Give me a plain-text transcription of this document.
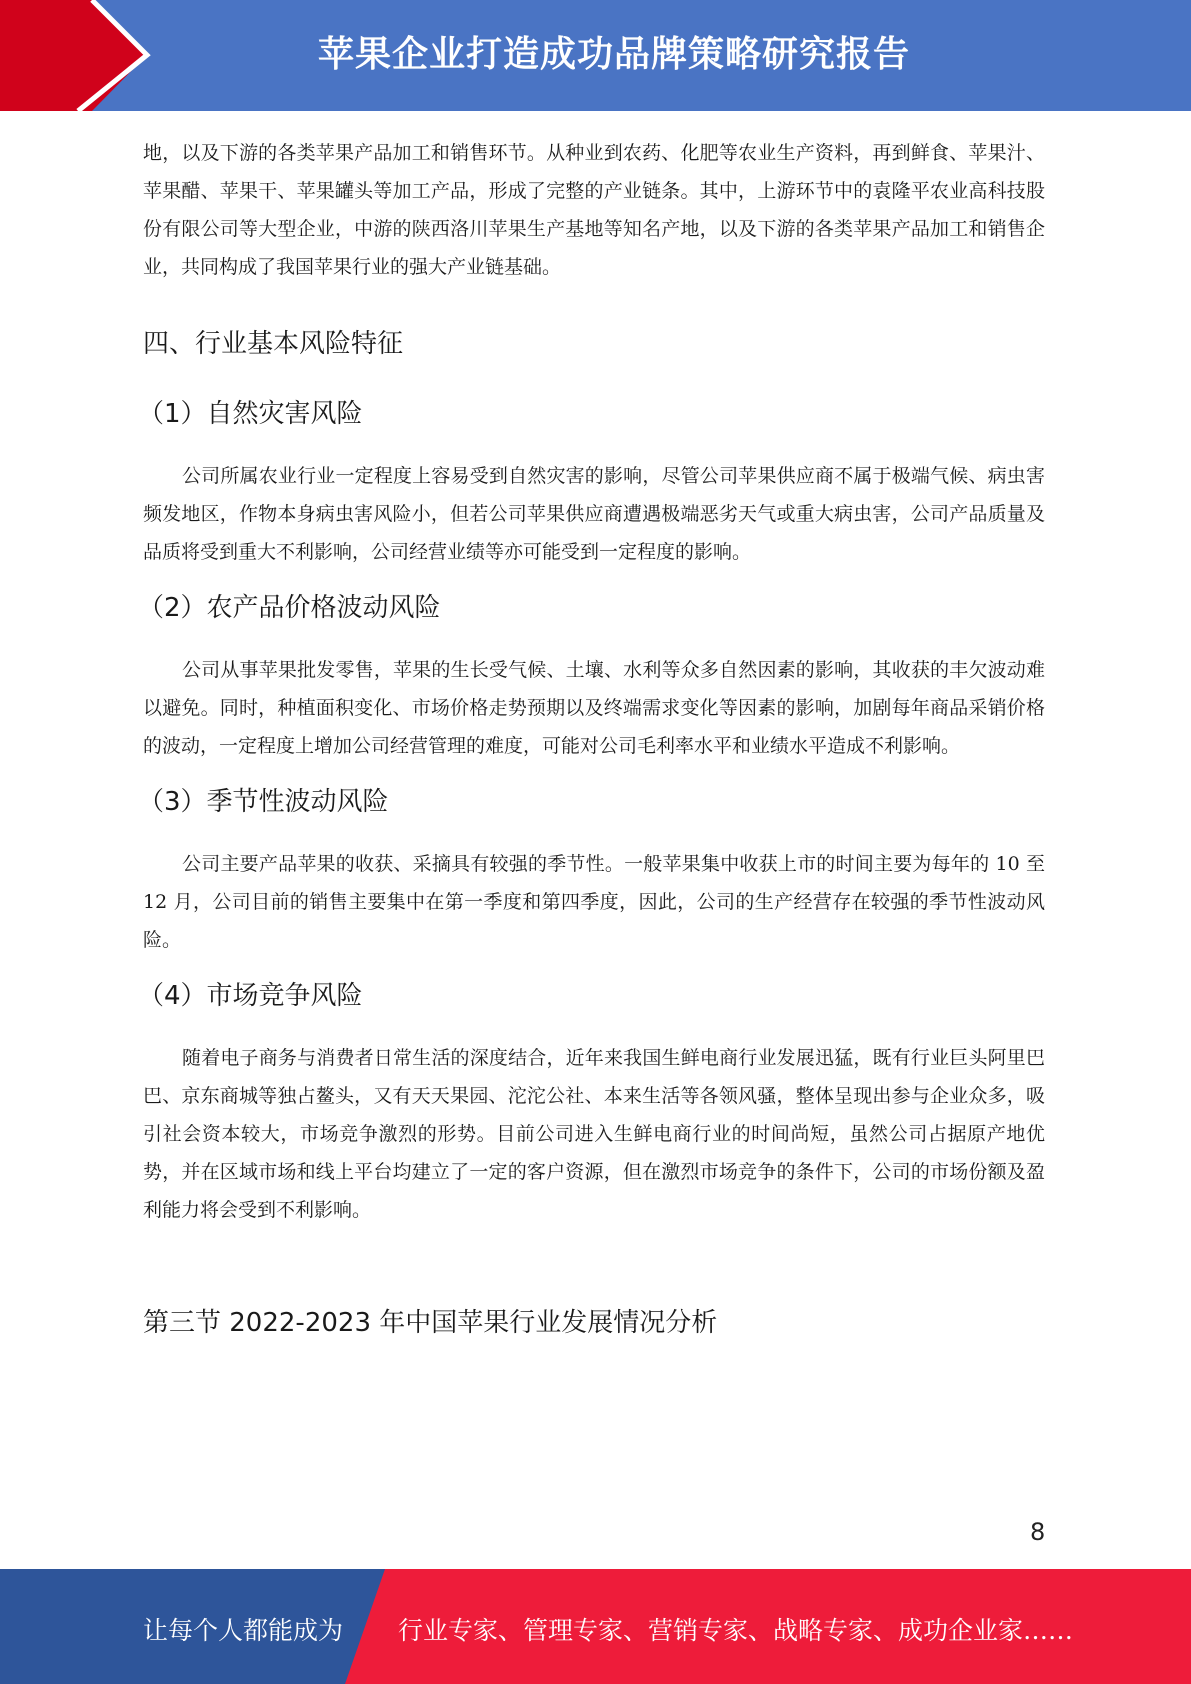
苹果企业打造成功品牌策略研究报告

地，以及下游的各类苹果产品加工和销售环节。从种业到农药、化肥等农业生产资料，再到鲜食、苹果汁、苹果醋、苹果干、苹果罐头等加工产品，形成了完整的产业链条。其中，上游环节中的袁隆平农业高科技股份有限公司等大型企业，中游的陕西洛川苹果生产基地等知名产地，以及下游的各类苹果产品加工和销售企业，共同构成了我国苹果行业的强大产业链基础。

四、行业基本风险特征
（1）自然灾害风险

公司所属农业行业一定程度上容易受到自然灾害的影响，尽管公司苹果供应商不属于极端气候、病虫害频发地区，作物本身病虫害风险小，但若公司苹果供应商遭遇极端恶劣天气或重大病虫害，公司产品质量及品质将受到重大不利影响，公司经营业绩等亦可能受到一定程度的影响。

（2）农产品价格波动风险

公司从事苹果批发零售，苹果的生长受气候、土壤、水利等众多自然因素的影响，其收获的丰欠波动难以避免。同时，种植面积变化、市场价格走势预期以及终端需求变化等因素的影响，加剧每年商品采销价格的波动，一定程度上增加公司经营管理的难度，可能对公司毛利率水平和业绩水平造成不利影响。

（3）季节性波动风险

公司主要产品苹果的收获、采摘具有较强的季节性。一般苹果集中收获上市的时间主要为每年的 10 至 12 月，公司目前的销售主要集中在第一季度和第四季度，因此，公司的生产经营存在较强的季节性波动风险。

（4）市场竞争风险

随着电子商务与消费者日常生活的深度结合，近年来我国生鲜电商行业发展迅猛，既有行业巨头阿里巴巴、京东商城等独占鳌头，又有天天果园、沱沱公社、本来生活等各领风骚，整体呈现出参与企业众多，吸引社会资本较大，市场竞争激烈的形势。目前公司进入生鲜电商行业的时间尚短，虽然公司占据原产地优势，并在区域市场和线上平台均建立了一定的客户资源，但在激烈市场竞争的条件下，公司的市场份额及盈利能力将会受到不利影响。

第三节 2022-2023 年中国苹果行业发展情况分析
8
让每个人都能成为 行业专家、管理专家、营销专家、战略专家、成功企业家……
